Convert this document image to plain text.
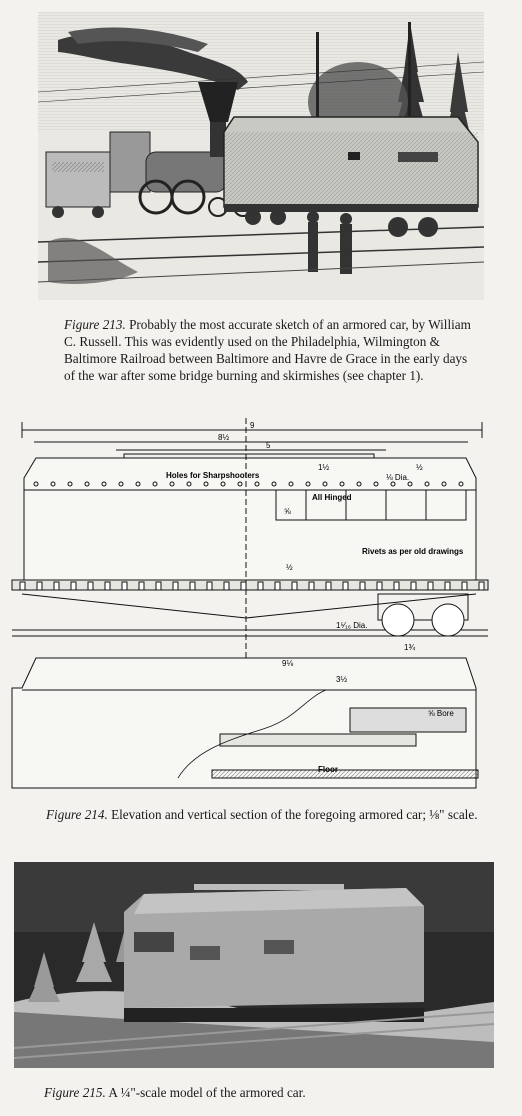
Figure 213. Probably the most accurate sketch of an armored car, by William C. Russell. This was evidently used on the Philadelphia, Wilmington & Baltimore Railroad between Baltimore and Havre de Grace in the early days of the war after some bridge burning and skirmishes (see chapter 1).
9
8½
5
Holes for Sharpshooters
1½
⅛ Dia.
½
All Hinged
Rivets as per old drawings
½
⅝
1⁵⁄₁₆ Dia.
1¾
9⅛
3½
⅝ Bore
Floor
Figure 214. Elevation and vertical section of the foregoing armored car; ⅛" scale.
Figure 215. A ¼"-scale model of the armored car.
